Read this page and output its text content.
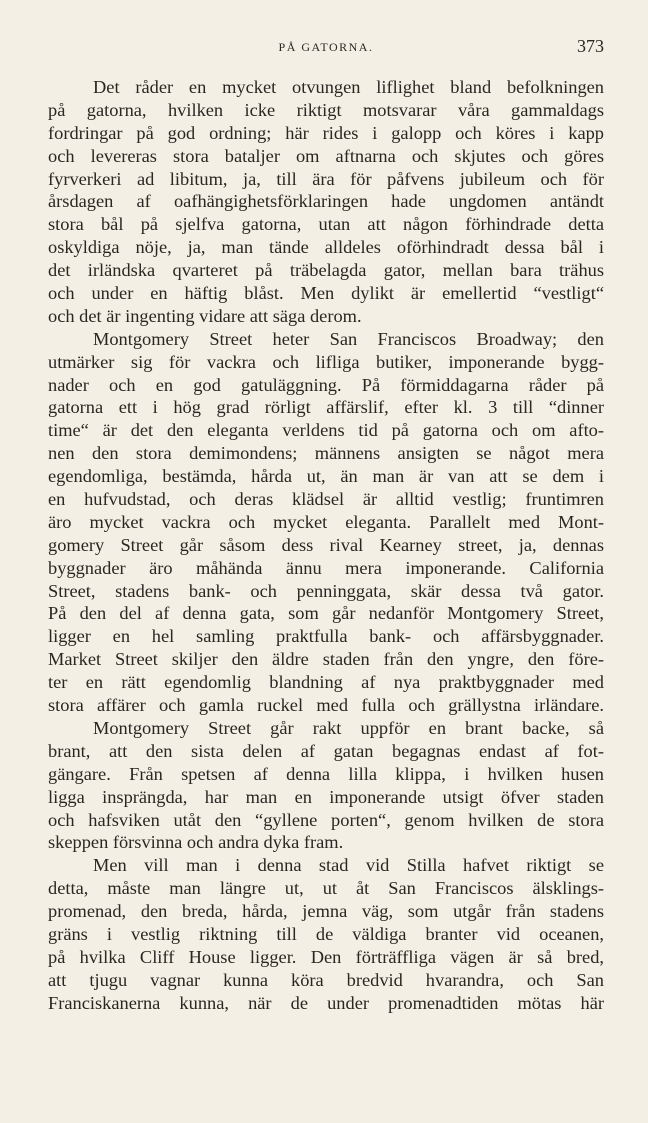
PÅ GATORNA.	373

Det råder en mycket otvungen liflighet bland befolkningen
på gatorna, hvilken icke riktigt motsvarar våra gammaldags
fordringar på god ordning; här rides i galopp och köres i kapp
och levereras stora bataljer om aftnarna och skjutes och göres
fyrverkeri ad libitum, ja, till ära för påfvens jubileum och för
årsdagen af oafhängighetsförklaringen hade ungdomen antändt
stora bål på sjelfva gatorna, utan att någon förhindrade detta
oskyldiga nöje, ja, man tände alldeles oförhindradt dessa bål i
det irländska qvarteret på träbelagda gator, mellan bara trähus
och under en häftig blåst. Men dylikt är emellertid “vestligt“
och det är ingenting vidare att säga derom.

Montgomery Street heter San Franciscos Broadway; den
utmärker sig för vackra och lifliga butiker, imponerande bygg-
nader och en god gatuläggning. På förmiddagarna råder på
gatorna ett i hög grad rörligt affärslif, efter kl. 3 till “dinner
time“ är det den eleganta verldens tid på gatorna och om afto-
nen den stora demimondens; männens ansigten se något mera
egendomliga, bestämda, hårda ut, än man är van att se dem i
en hufvudstad, och deras klädsel är alltid vestlig; fruntimren
äro mycket vackra och mycket eleganta. Parallelt med Mont-
gomery Street går såsom dess rival Kearney street, ja, dennas
byggnader äro måhända ännu mera imponerande. California
Street, stadens bank- och penninggata, skär dessa två gator.
På den del af denna gata, som går nedanför Montgomery Street,
ligger en hel samling praktfulla bank- och affärsbyggnader.
Market Street skiljer den äldre staden från den yngre, den före-
ter en rätt egendomlig blandning af nya praktbyggnader med
stora affärer och gamla ruckel med fulla och grällystna irländare.

Montgomery Street går rakt uppför en brant backe, så
brant, att den sista delen af gatan begagnas endast af fot-
gängare. Från spetsen af denna lilla klippa, i hvilken husen
ligga insprängda, har man en imponerande utsigt öfver staden
och hafsviken utåt den “gyllene porten“, genom hvilken de stora
skeppen försvinna och andra dyka fram.

Men vill man i denna stad vid Stilla hafvet riktigt se
detta, måste man längre ut, ut åt San Franciscos älsklings-
promenad, den breda, hårda, jemna väg, som utgår från stadens
gräns i vestlig riktning till de väldiga branter vid oceanen,
på hvilka Cliff House ligger. Den förträffliga vägen är så bred,
att tjugu vagnar kunna köra bredvid hvarandra, och San
Franciskanerna kunna, när de under promenadtiden mötas här
